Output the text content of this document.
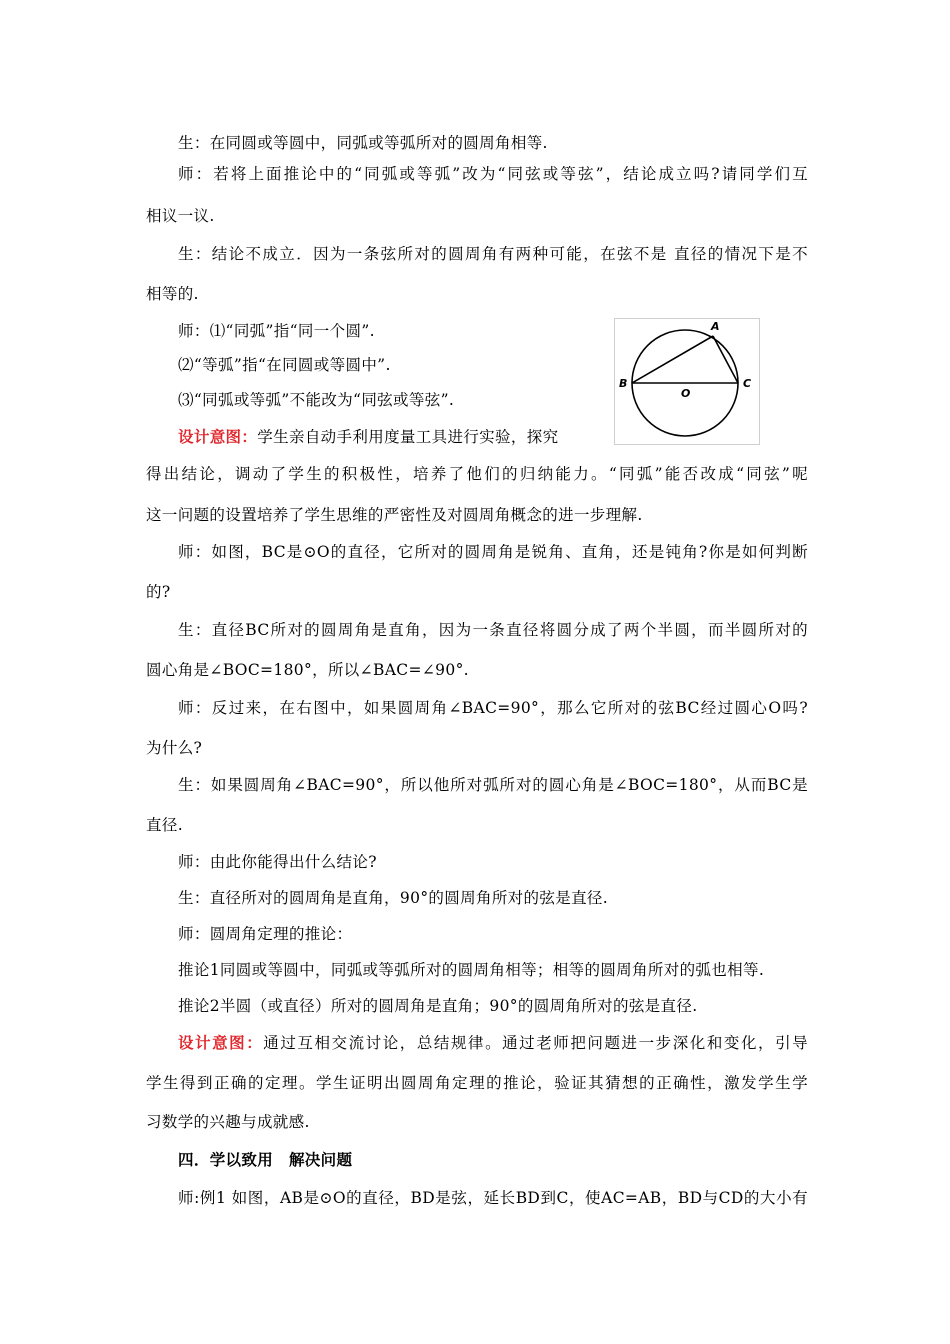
生：在同圆或等圆中，同弧或等弧所对的圆周角相等.
师：若将上面推论中的“同弧或等弧”改为“同弦或等弦”，结论成立吗?请同学们互
相议一议.
生：结论不成立．因为一条弦所对的圆周角有两种可能，在弦不是 直径的情况下是不
相等的.
师：⑴“同弧”指“同一个圆”.
⑵“等弧”指“在同圆或等圆中”.
⑶“同弧或等弧”不能改为“同弦或等弦”.
设计意图：学生亲自动手利用度量工具进行实验，探究
A
B	C
O
得出结论，调动了学生的积极性，培养了他们的归纳能力。“同弧”能否改成“同弦”呢
这一问题的设置培养了学生思维的严密性及对圆周角概念的进一步理解.
师：如图，BC是⊙O的直径，它所对的圆周角是锐角、直角，还是钝角?你是如何判断
的?
生：直径BC所对的圆周角是直角，因为一条直径将圆分成了两个半圆，而半圆所对的
圆心角是∠BOC=180°，所以∠BAC=∠90°.
师：反过来，在右图中，如果圆周角∠BAC=90°，那么它所对的弦BC经过圆心O吗?
为什么?
生：如果圆周角∠BAC=90°，所以他所对弧所对的圆心角是∠BOC=180°，从而BC是
直径.
师：由此你能得出什么结论?
生：直径所对的圆周角是直角，90°的圆周角所对的弦是直径.
师：圆周角定理的推论：
推论1同圆或等圆中，同弧或等弧所对的圆周角相等；相等的圆周角所对的弧也相等.
推论2半圆（或直径）所对的圆周角是直角；90°的圆周角所对的弦是直径.
设计意图：通过互相交流讨论，总结规律。通过老师把问题进一步深化和变化，引导
学生得到正确的定理。学生证明出圆周角定理的推论，验证其猜想的正确性，激发学生学
习数学的兴趣与成就感.
四．学以致用　解决问题
师:例1 如图，AB是⊙O的直径，BD是弦，延长BD到C，使AC=AB，BD与CD的大小有
